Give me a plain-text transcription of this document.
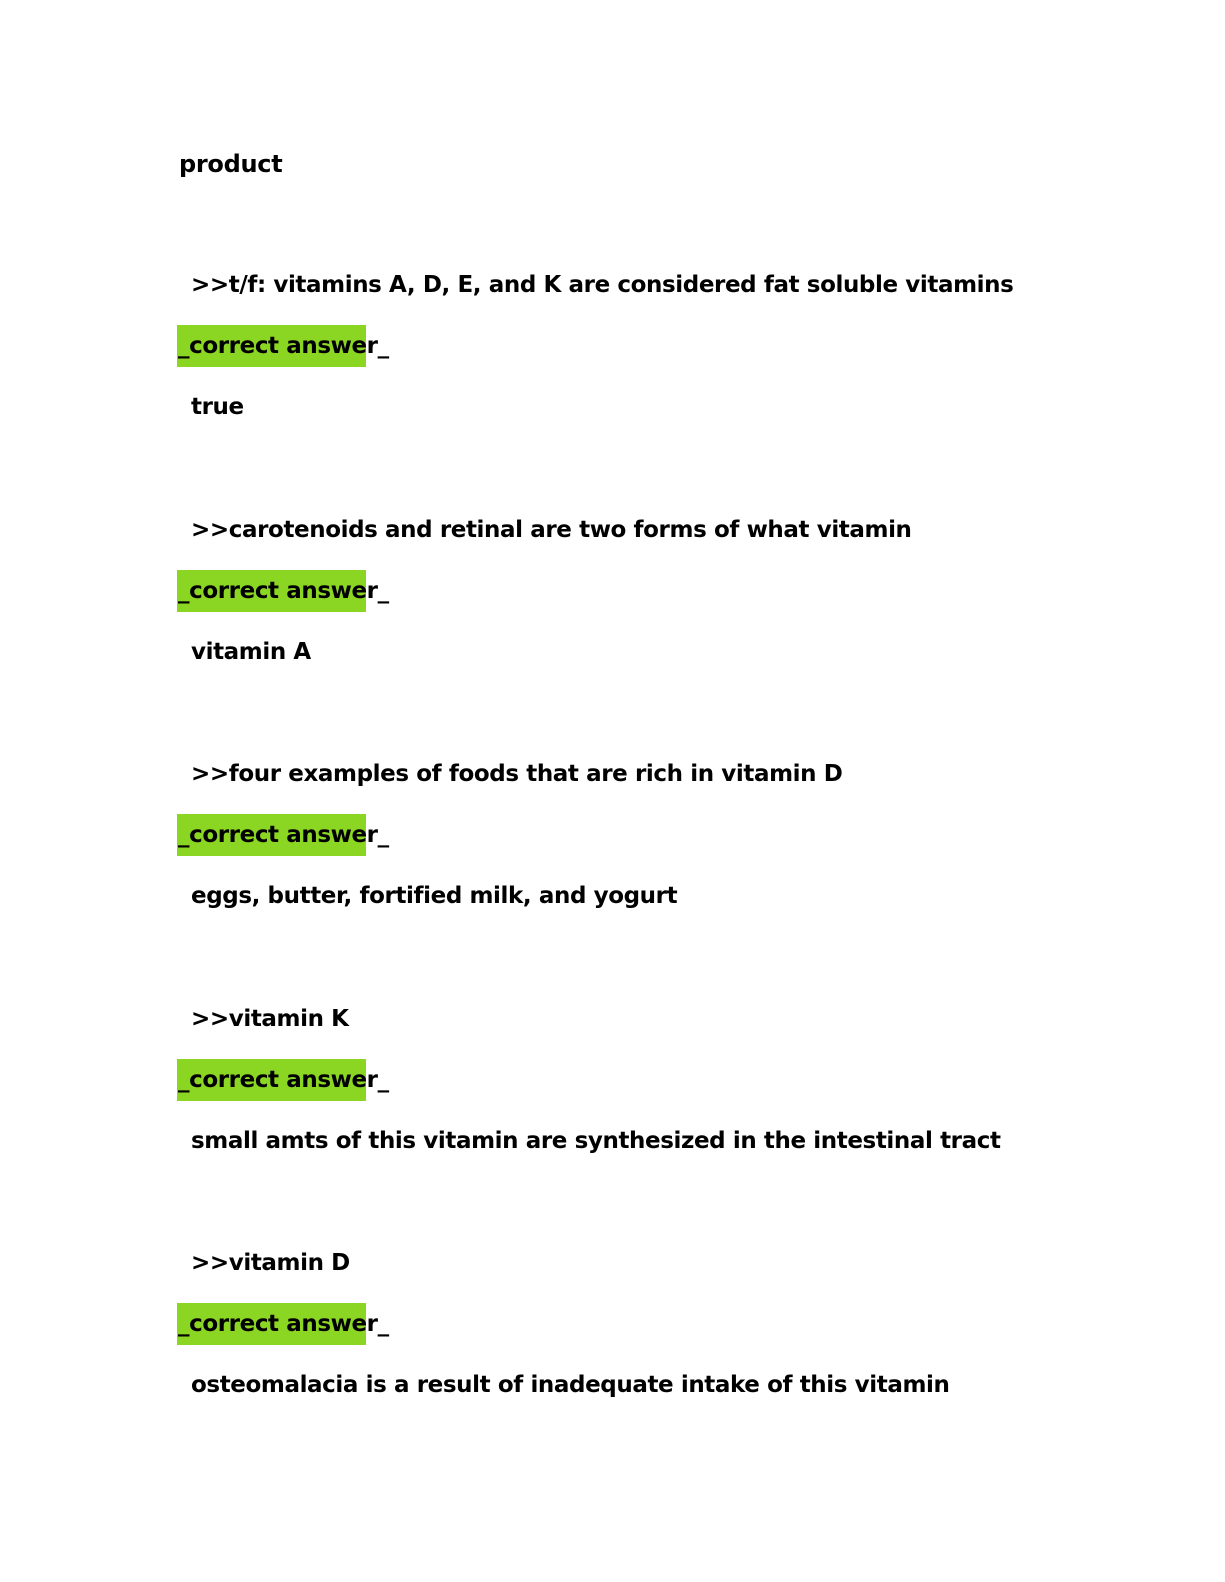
product
>>t/f: vitamins A, D, E, and K are considered fat soluble vitamins
_correct answer_
true
>>carotenoids and retinal are two forms of what vitamin
_correct answer_
vitamin A
>>four examples of foods that are rich in vitamin D
_correct answer_
eggs, butter, fortified milk, and yogurt
>>vitamin K
_correct answer_
small amts of this vitamin are synthesized in the intestinal tract
>>vitamin D
_correct answer_
osteomalacia is a result of inadequate intake of this vitamin
